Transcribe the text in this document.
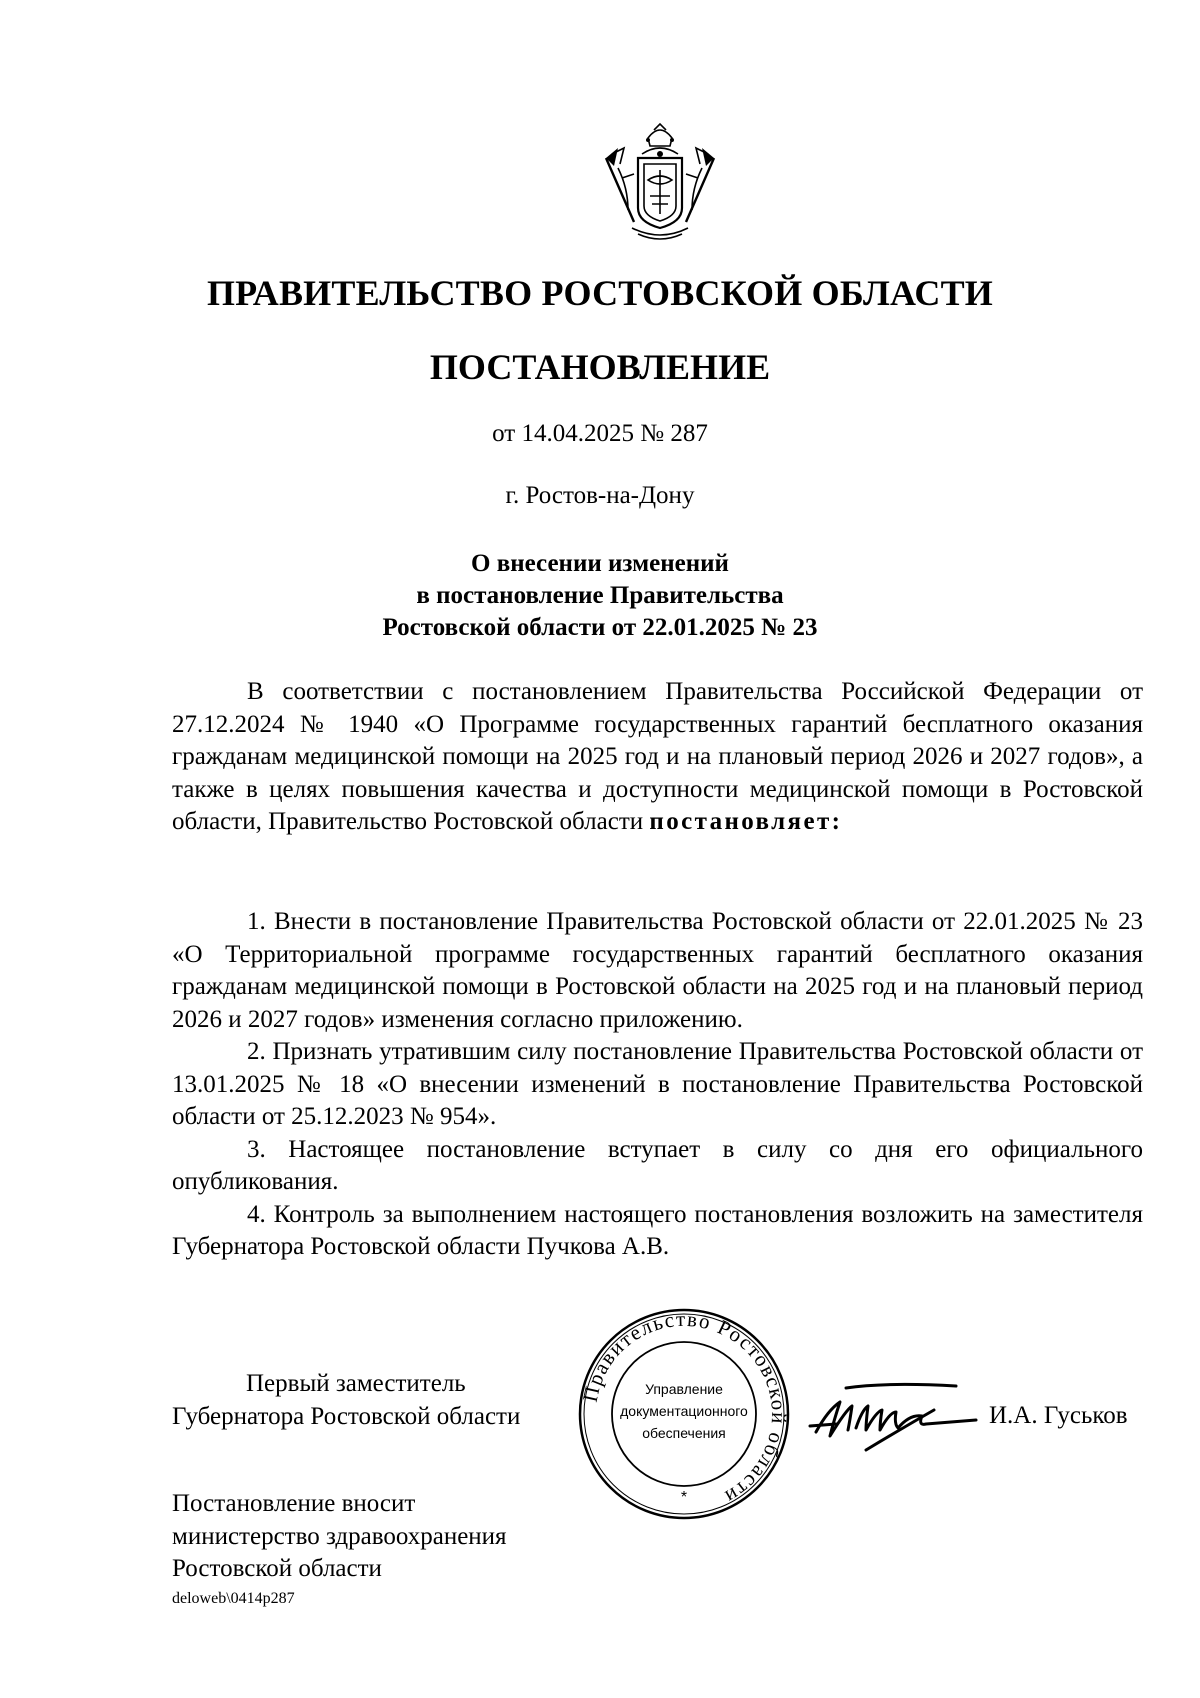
ПРАВИТЕЛЬСТВО РОСТОВСКОЙ ОБЛАСТИ
ПОСТАНОВЛЕНИЕ
от 14.04.2025 № 287
г. Ростов-на-Дону
О внесении изменений
в постановление Правительства
Ростовской области от 22.01.2025 № 23

В соответствии с постановлением Правительства Российской Федерации от 27.12.2024 № 1940 «О Программе государственных гарантий бесплатного оказания гражданам медицинской помощи на 2025 год и на плановый период 2026 и 2027 годов», а также в целях повышения качества и доступности медицинской помощи в Ростовской области, Правительство Ростовской области постановляет:

1. Внести в постановление Правительства Ростовской области от 22.01.2025 № 23 «О Территориальной программе государственных гарантий бесплатного оказания гражданам медицинской помощи в Ростовской области на 2025 год и на плановый период 2026 и 2027 годов» изменения согласно приложению.

2. Признать утратившим силу постановление Правительства Ростовской области от 13.01.2025 № 18 «О внесении изменений в постановление Правительства Ростовской области от 25.12.2023 № 954».

3. Настоящее постановление вступает в силу со дня его официального опубликования.

4. Контроль за выполнением настоящего постановления возложить на заместителя Губернатора Ростовской области Пучкова А.В.

Первый заместитель
Губернатора Ростовской области
Правительство Ростовской области
Управление
документационного
обеспечения
*
И.А. Гуськов
Постановление вносит
министерство здравоохранения
Ростовской области
deloweb\0414p287
